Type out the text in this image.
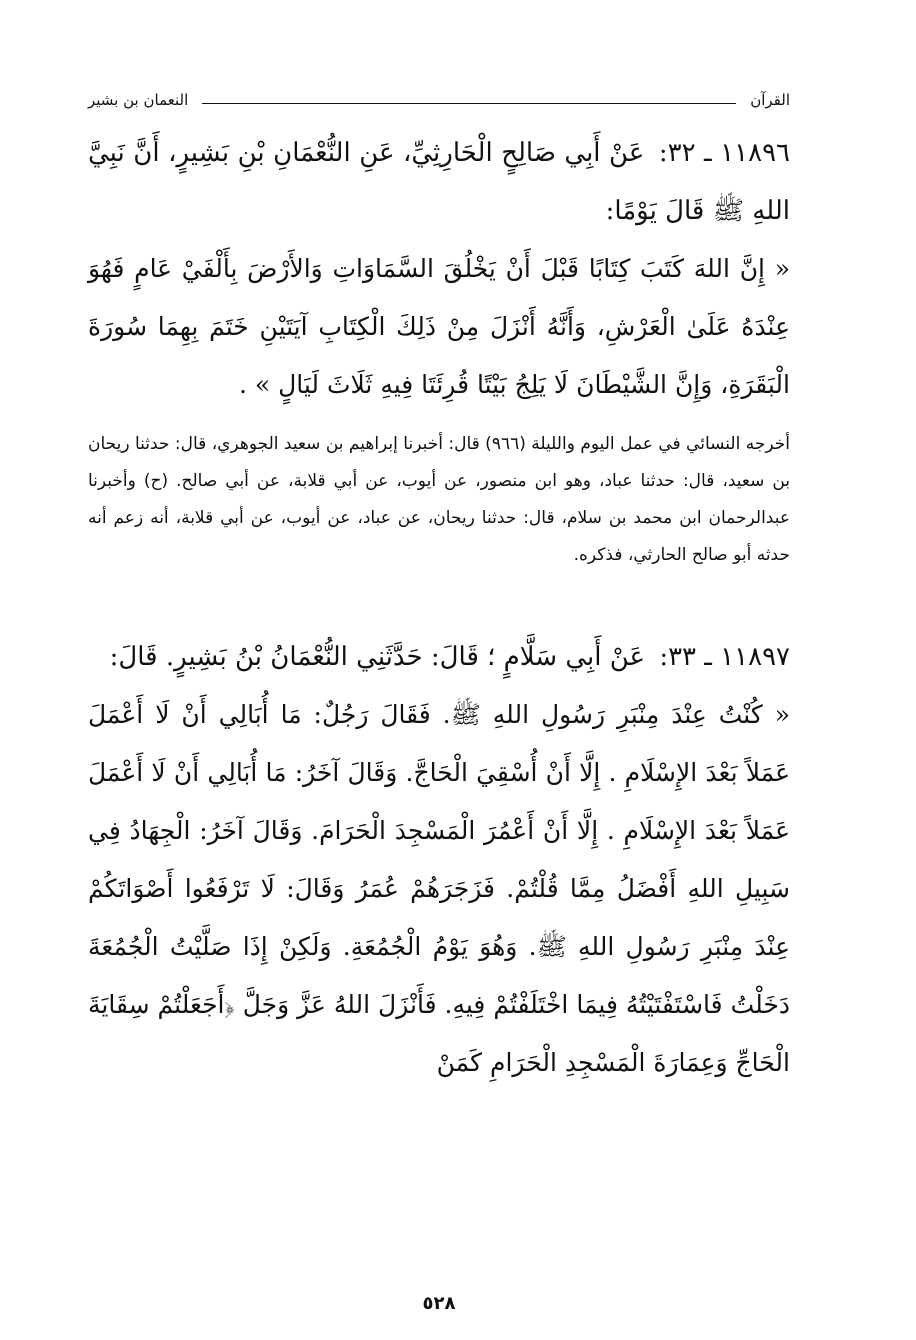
القرآن
النعمان بن بشير

١١٨٩٦ ـ ٣٢: عَنْ أَبِي صَالِحٍ الْحَارِثِيِّ، عَنِ النُّعْمَانِ بْنِ بَشِيرٍ، أَنَّ نَبِيَّ اللهِ ﷺ قَالَ يَوْمًا:

« إِنَّ اللهَ كَتَبَ كِتَابًا قَبْلَ أَنْ يَخْلُقَ السَّمَاوَاتِ وَالأَرْضَ بِأَلْفَيْ عَامٍ فَهُوَ عِنْدَهُ عَلَىٰ الْعَرْشِ، وَأَنَّهُ أَنْزَلَ مِنْ ذَلِكَ الْكِتَابِ آيَتَيْنِ خَتَمَ بِهِمَا سُورَةَ الْبَقَرَةِ، وَإِنَّ الشَّيْطَانَ لَا يَلِجُ بَيْتًا قُرِئَتَا فِيهِ ثَلَاثَ لَيَالٍ » .

أخرجه النسائي في عمل اليوم والليلة (٩٦٦) قال: أخبرنا إبراهيم بن سعيد الجوهري، قال: حدثنا ريحان بن سعيد، قال: حدثنا عباد، وهو ابن منصور، عن أيوب، عن أبي قلابة، عن أبي صالح. (ح) وأخبرنا عبدالرحمان ابن محمد بن سلام، قال: حدثنا ريحان، عن عباد، عن أيوب، عن أبي قلابة، أنه زعم أنه حدثه أبو صالح الحارثي، فذكره.

١١٨٩٧ ـ ٣٣: عَنْ أَبِي سَلَّامٍ ؛ قَالَ: حَدَّثَنِي النُّعْمَانُ بْنُ بَشِيرٍ. قَالَ:

« كُنْتُ عِنْدَ مِنْبَرِ رَسُولِ اللهِ ﷺ. فَقَالَ رَجُلٌ: مَا أُبَالِي أَنْ لَا أَعْمَلَ عَمَلاً بَعْدَ الإِسْلَامِ . إِلَّا أَنْ أُسْقِيَ الْحَاجَّ. وَقَالَ آخَرُ: مَا أُبَالِي أَنْ لَا أَعْمَلَ عَمَلاً بَعْدَ الإِسْلَامِ . إِلَّا أَنْ أَعْمُرَ الْمَسْجِدَ الْحَرَامَ. وَقَالَ آخَرُ: الْجِهَادُ فِي سَبِيلِ اللهِ أَفْضَلُ مِمَّا قُلْتُمْ. فَزَجَرَهُمْ عُمَرُ وَقَالَ: لَا تَرْفَعُوا أَصْوَاتَكُمْ عِنْدَ مِنْبَرِ رَسُولِ اللهِ ﷺ. وَهُوَ يَوْمُ الْجُمُعَةِ. وَلَكِنْ إِذَا صَلَّيْتُ الْجُمُعَةَ دَخَلْتُ فَاسْتَفْتَيْتُهُ فِيمَا اخْتَلَفْتُمْ فِيهِ. فَأَنْزَلَ اللهُ عَزَّ وَجَلَّ ﴿أَجَعَلْتُمْ سِقَايَةَ الْحَاجِّ وَعِمَارَةَ الْمَسْجِدِ الْحَرَامِ كَمَنْ

٥٢٨
